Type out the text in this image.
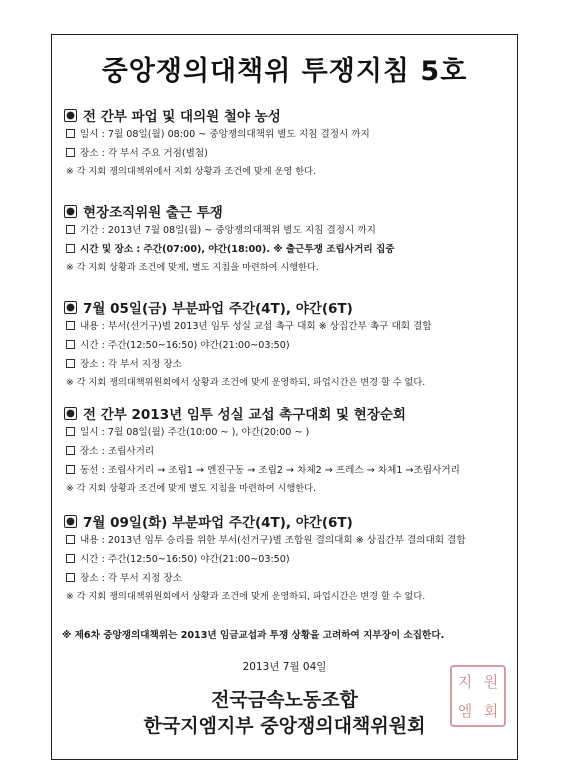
중앙쟁의대책위 투쟁지침 5호
전 간부 파업 및 대의원 철야 농성
일시 : 7월 08일(월) 08:00 ~ 중앙쟁의대책위 별도 지침 결정시 까지
장소 : 각 부서 주요 거점(별첨)
※ 각 지회 쟁의대책위에서 지회 상황과 조건에 맞게 운영 한다.
현장조직위원 출근 투쟁
기간 : 2013년 7월 08일(월) ~ 중앙쟁의대책위 별도 지침 결정시 까지
시간 및 장소 : 주간(07:00), 야간(18:00). ※ 출근투쟁 조립사거리 집중
※ 각 지회 상황과 조건에 맞게, 별도 지침을 마련하여 시행한다.
7월 05일(금) 부분파업 주간(4T), 야간(6T)
내용 : 부서(선거구)별 2013년 임투 성실 교섭 촉구 대회 ※ 상집간부 촉구 대회 결합
시간 : 주간(12:50~16:50) 야간(21:00~03:50)
장소 : 각 부서 지정 장소
※ 각 지회 쟁의대책위원회에서 상황과 조건에 맞게 운영하되, 파업시간은 변경 할 수 없다.
전 간부 2013년 임투 성실 교섭 촉구대회 및 현장순회
일시 : 7월 08일(월) 주간(10:00 ~ ), 야간(20:00 ~ )
장소 : 조립사거리
동선 : 조립사거리 → 조립1 → 엔진구동 → 조립2 → 차체2 → 프레스 → 차체1 →조립사거리
※ 각 지회 상황과 조건에 맞게 별도 지침을 마련하여 시행한다.
7월 09일(화) 부분파업 주간(4T), 야간(6T)
내용 : 2013년 임투 승리를 위한 부서(선거구)별 조합원 결의대회 ※ 상집간부 결의대회 결합
시간 : 주간(12:50~16:50) 야간(21:00~03:50)
장소 : 각 부서 지정 장소
※ 각 지회 쟁의대책위원회에서 상황과 조건에 맞게 운영하되, 파업시간은 변경 할 수 없다.
※ 제6차 중앙쟁의대책위는 2013년 임금교섭과 투쟁 상황을 고려하여 지부장이 소집한다.
2013년 7월 04일
전국금속노동조합
한국지엠지부 중앙쟁의대책위원회
지 원
엠 회
